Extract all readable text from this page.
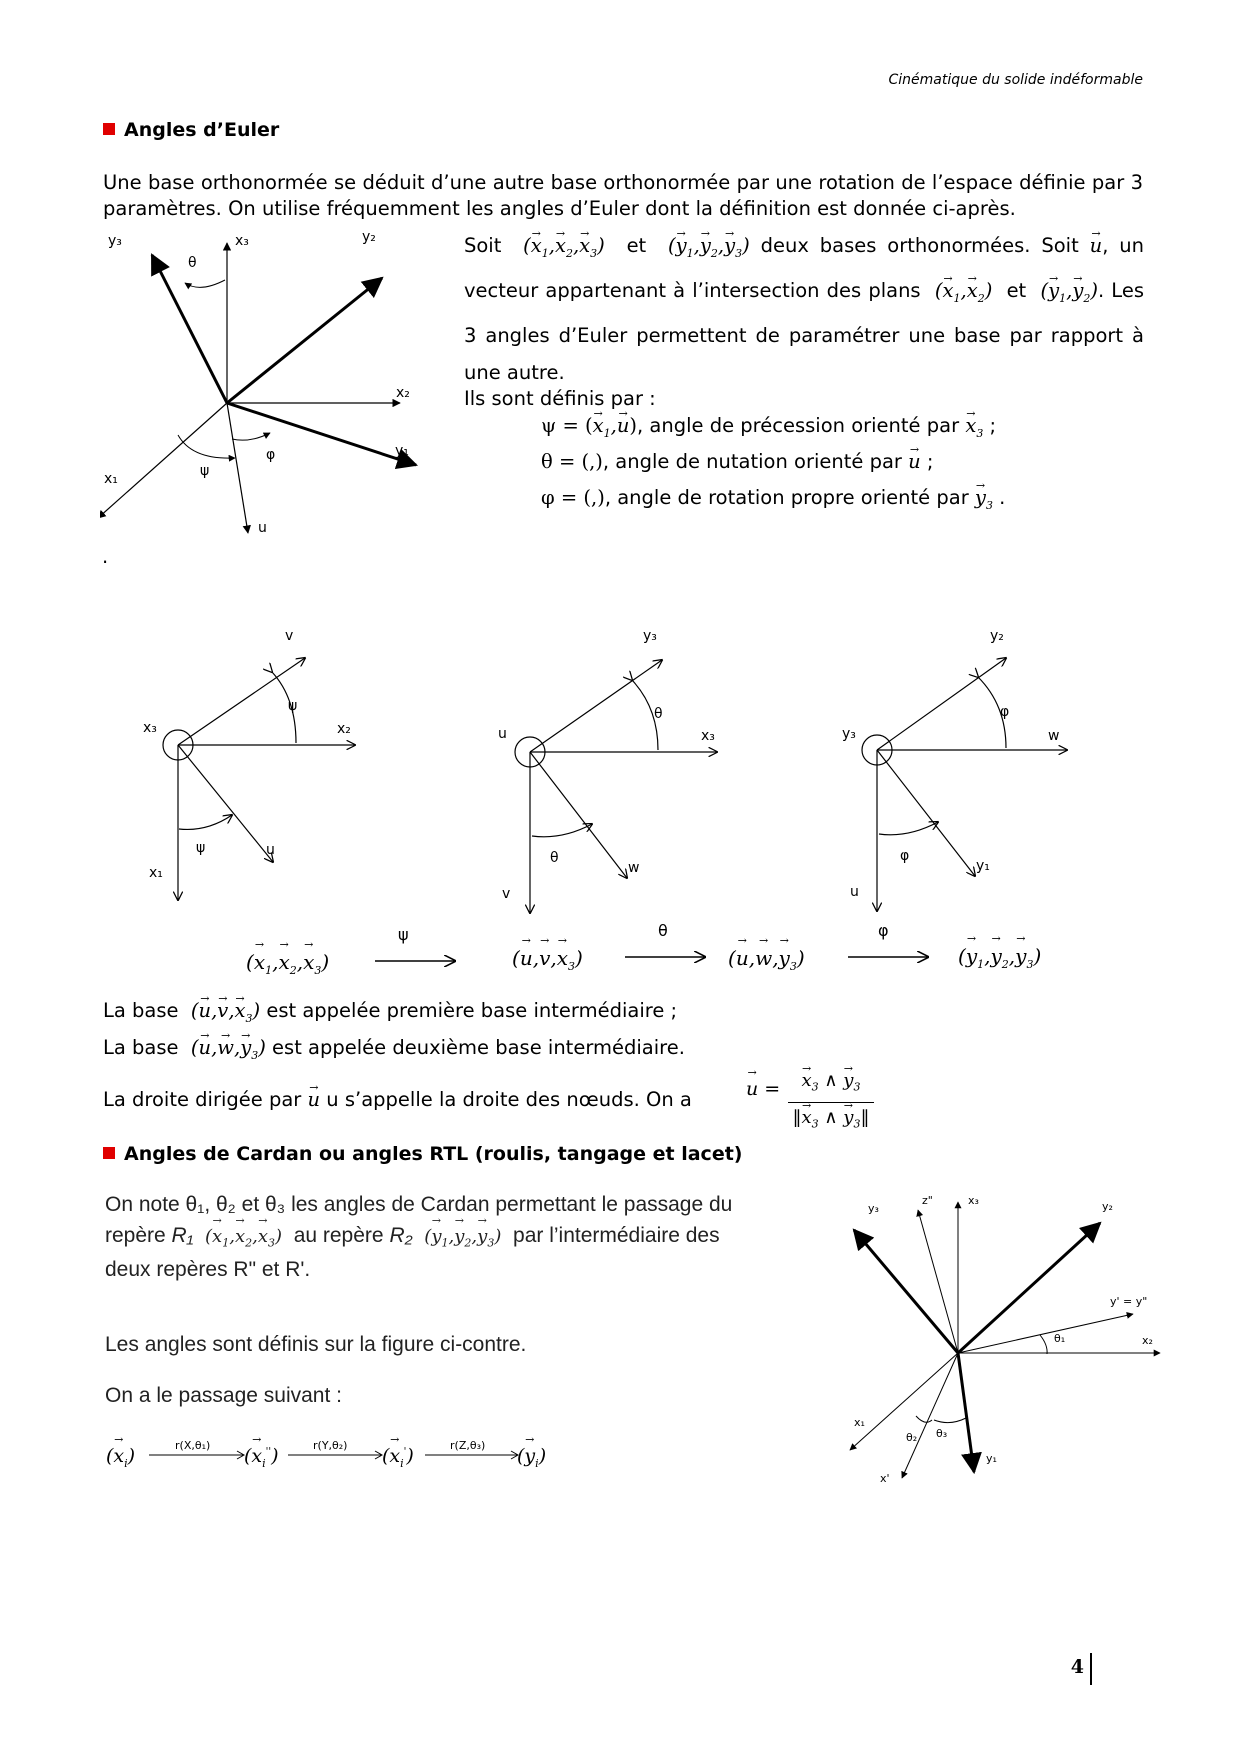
Cinématique du solide indéformable
Angles d’Euler
Une base orthonormée se déduit d’une autre base orthonormée par une rotation de l’espace définie par 3 paramètres. On utilise fréquemment les angles d’Euler dont la définition est donnée ci-après.
x₃
x₂
x₁
u
y₂
y₁
y₃
θ
ψ
φ
Soit (→ $x_1,\to x_2,\to x_3$) et (→ $y_1,\to y_2,\to y_3$) deux bases orthonormées. Soit → u, un vecteur appartenant à l’intersection des plans (→ $x_1,\to x_2$) et (→ $y_1,\to y_2$). Les 3 angles d’Euler permettent de paramétrer une base par rapport à une autre.
Ils sont définis par :
ψ = (→ $x_1,\to u$), angle de précession orienté par → $x_3$ ;
θ = (,), angle de nutation orienté par → u ;
φ = (,), angle de rotation propre orienté par → $y_3$ .
.
v
x₂
x₃
x₁
u
ψ
ψ
y₃
x₃
u
v
w
θ
θ
y₂
w
y₃
u
y₁
φ
φ
ψ	θ	φ
(→ $x_1,\to x_2,\to x_3$)	(→ $u,\to v,\to x_3$)	(→ $u,\to w,\to y_3$)	(→ $y_1,\to y_2,\to y_3$)
La base (→ $u,\to v,\to x_3$) est appelée première base intermédiaire ;
La base (→ $u,\to w,\to y_3$) est appelée deuxième base intermédiaire.
La droite dirigée par → u u s’appelle la droite des nœuds. On a	→ u =	→ $x_3$ ∧ → $y_3$
‖→ $x_3$ ∧ → $y_3‖$
Angles de Cardan ou angles RTL (roulis, tangage et lacet)
On note θ₁, θ₂ et θ₃ les angles de Cardan permettant le passage du
repère R₁ (→ $x_1,\to x_2,\to x_3$) au repère R₂ (→ $y_1,\to y_2,\to y_3$) par l’intermédiaire des
deux repères R" et R'.
Les angles sont définis sur la figure ci-contre.
On a le passage suivant :
(→ $x_i$)	(→ $x_i''$)	(→ $x_i'$)	(→ $y_i$)
r(X,θ₁)	r(Y,θ₂)	r(Z,θ₃)
y₃
z"	x₃	y₂
y' = y"
θ₁	x₂
x₁
θ₂ θ₃
x'
y₁
4
